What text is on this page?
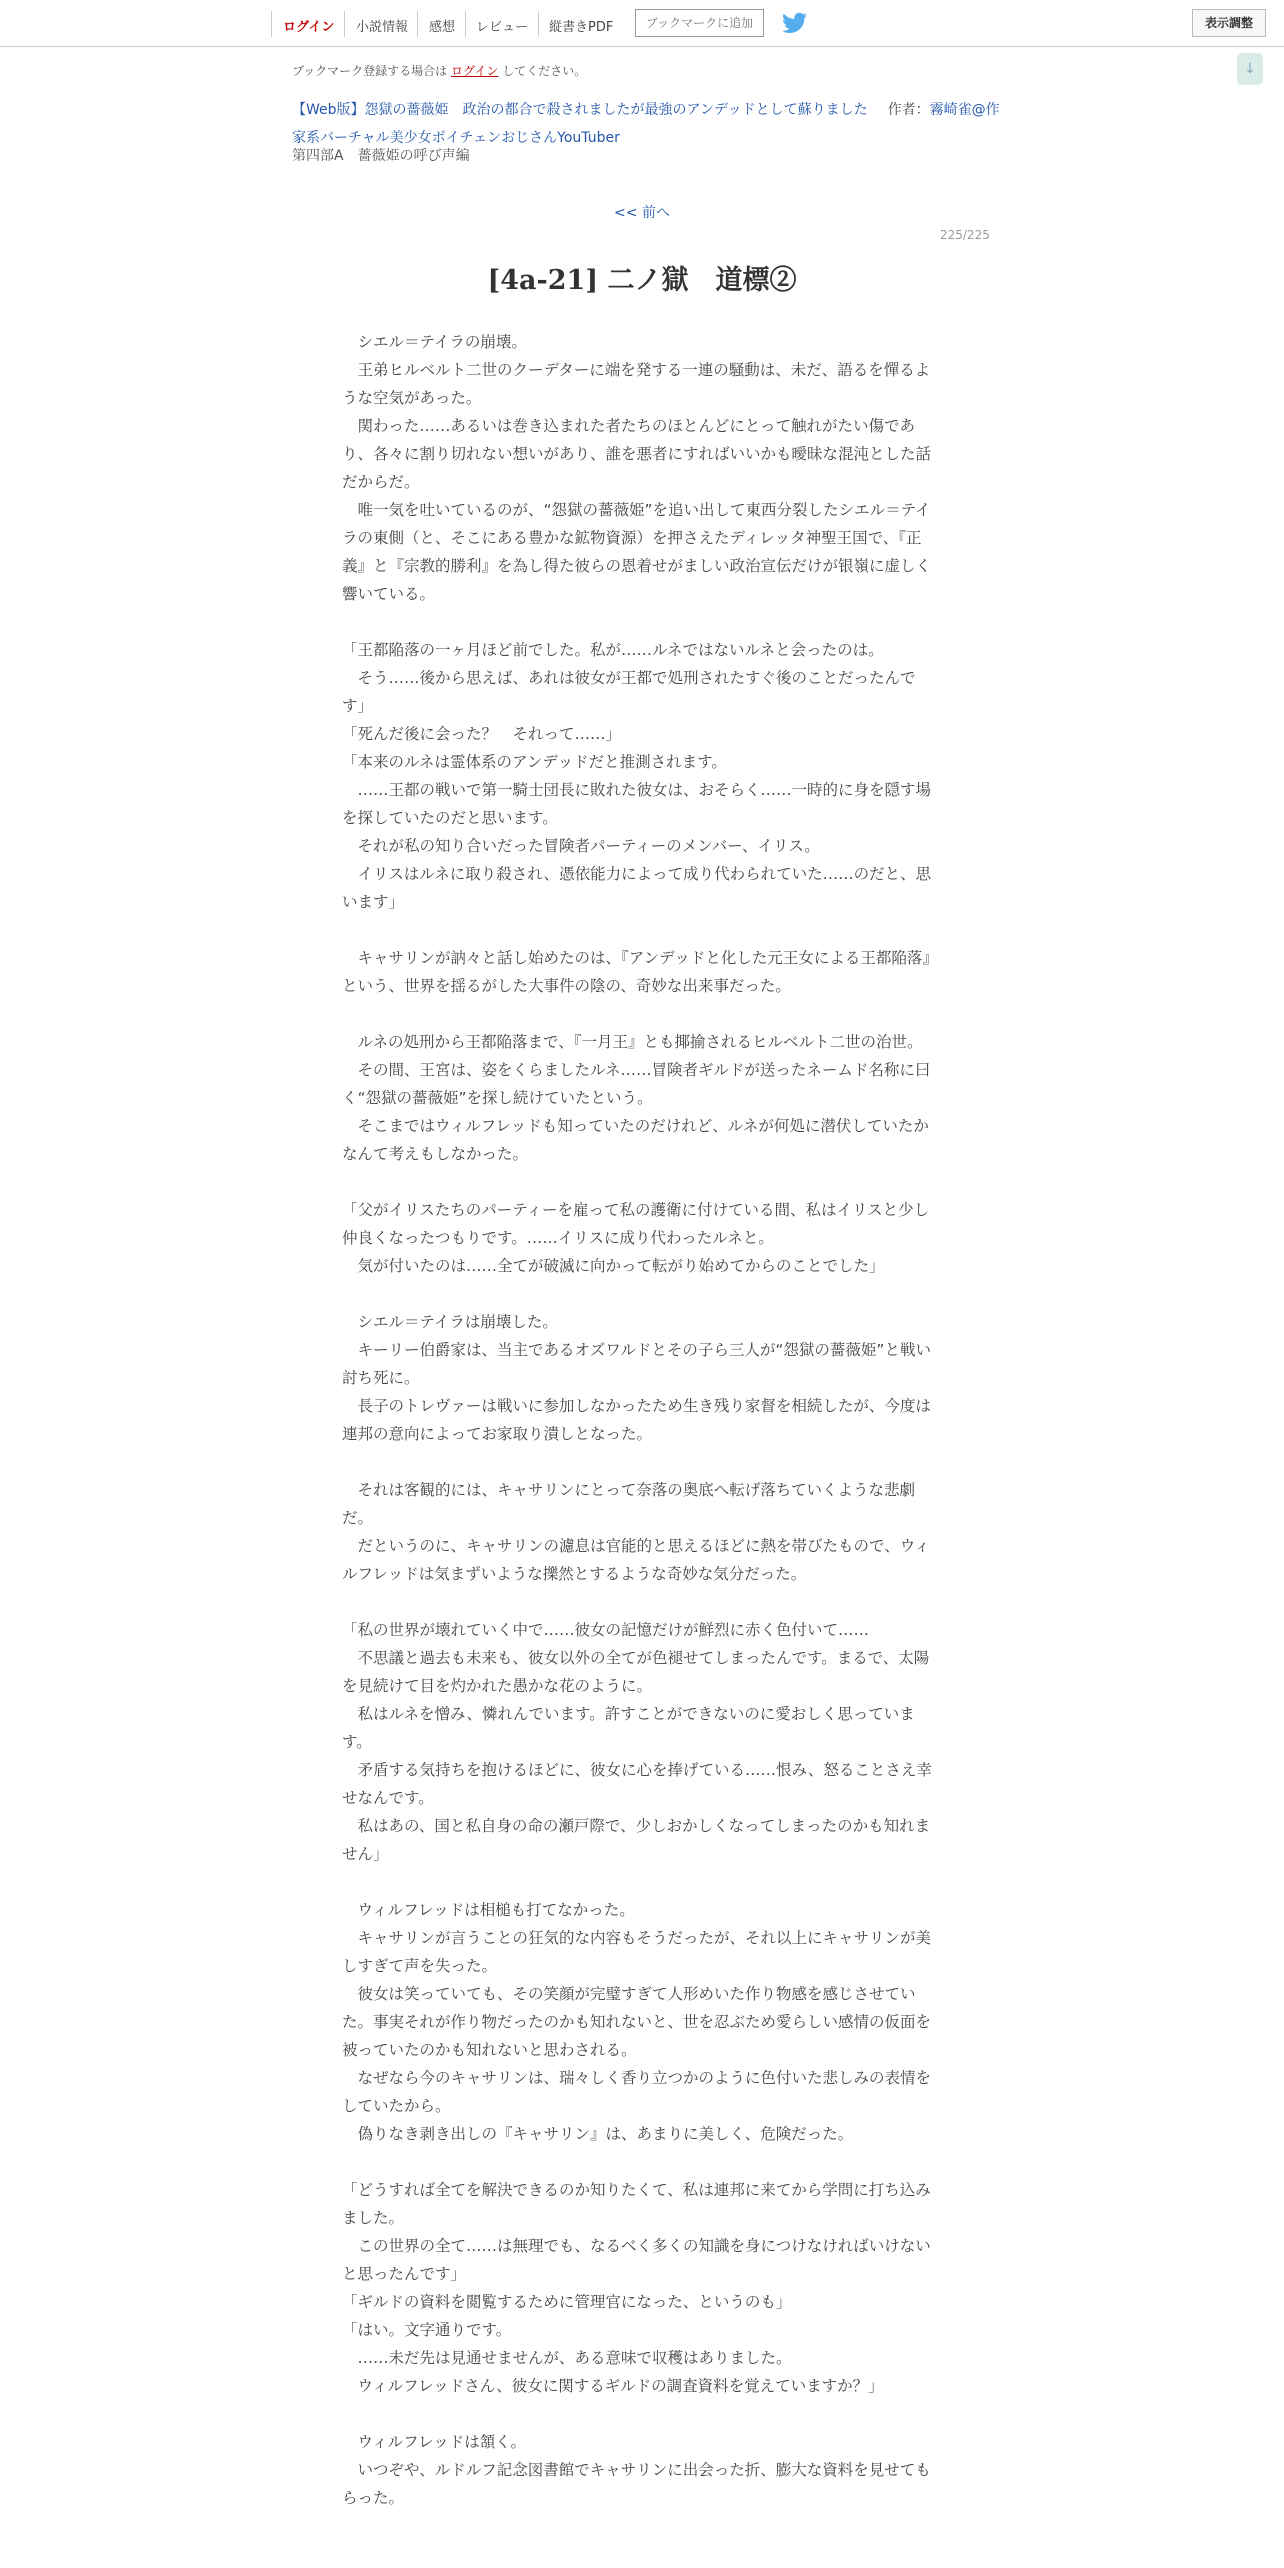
ログイン 小説情報 感想 レビュー 縦書きPDF	ブックマークに追加	表示調整
↓
ブックマーク登録する場合は ログイン してください。
【Web版】怨獄の薔薇姫　政治の都合で殺されましたが最強のアンデッドとして蘇りました 作者：霧崎雀@作家系バーチャル美少女ボイチェンおじさんYouTuber
第四部A　薔薇姫の呼び声編
<< 前へ
225/225
[4a-21] 二ノ獄　道標②

　シエル＝テイラの崩壊。

　王弟ヒルベルト二世のクーデターに端を発する一連の騒動は、未だ、語るを憚るような空気があった。

　関わった……あるいは巻き込まれた者たちのほとんどにとって触れがたい傷であり、各々に割り切れない想いがあり、誰を悪者にすればいいかも曖昧な混沌とした話だからだ。

　唯一気を吐いているのが、“怨獄の薔薇姫”を追い出して東西分裂したシエル＝テイラの東側（と、そこにある豊かな鉱物資源）を押さえたディレッタ神聖王国で、『正義』と『宗教的勝利』を為し得た彼らの恩着せがましい政治宣伝だけが银嶺に虚しく響いている。

「王都陥落の一ヶ月ほど前でした。私が……ルネではないルネと会ったのは。

　そう……後から思えば、あれは彼女が王都で処刑されたすぐ後のことだったんです」

「死んだ後に会った？　それって……」

「本来のルネは霊体系のアンデッドだと推測されます。

　……王都の戦いで第一騎士団長に敗れた彼女は、おそらく……一時的に身を隠す場を探していたのだと思います。

　それが私の知り合いだった冒険者パーティーのメンバー、イリス。

　イリスはルネに取り殺され、憑依能力によって成り代わられていた……のだと、思います」

　キャサリンが訥々と話し始めたのは、『アンデッドと化した元王女による王都陥落』という、世界を揺るがした大事件の陰の、奇妙な出来事だった。

　ルネの処刑から王都陥落まで、『一月王』とも揶揄されるヒルベルト二世の治世。

　その間、王宮は、姿をくらましたルネ……冒険者ギルドが送ったネームド名称に曰く“怨獄の薔薇姫”を探し続けていたという。

　そこまではウィルフレッドも知っていたのだけれど、ルネが何処に潜伏していたかなんて考えもしなかった。

「父がイリスたちのパーティーを雇って私の護衛に付けている間、私はイリスと少し仲良くなったつもりです。……イリスに成り代わったルネと。

　気が付いたのは……全てが破滅に向かって転がり始めてからのことでした」

　シエル＝テイラは崩壊した。

　キーリー伯爵家は、当主であるオズワルドとその子ら三人が“怨獄の薔薇姫”と戦い討ち死に。

　長子のトレヴァーは戦いに参加しなかったため生き残り家督を相続したが、今度は連邦の意向によってお家取り潰しとなった。

　それは客観的には、キャサリンにとって奈落の奥底へ転げ落ちていくような悲劇だ。

　だというのに、キャサリンの濾息は官能的と思えるほどに熱を帯びたもので、ウィルフレッドは気まずいような擽然とするような奇妙な気分だった。

「私の世界が壊れていく中で……彼女の記憶だけが鮮烈に赤く色付いて……

　不思議と過去も未来も、彼女以外の全てが色褪せてしまったんです。まるで、太陽を見続けて目を灼かれた愚かな花のように。

　私はルネを憎み、憐れんでいます。許すことができないのに愛おしく思っています。

　矛盾する気持ちを抱けるほどに、彼女に心を捧げている……恨み、怒ることさえ幸せなんです。

　私はあの、国と私自身の命の瀬戸際で、少しおかしくなってしまったのかも知れません」

　ウィルフレッドは相槌も打てなかった。

　キャサリンが言うことの狂気的な内容もそうだったが、それ以上にキャサリンが美しすぎて声を失った。

　彼女は笑っていても、その笑顔が完璧すぎて人形めいた作り物感を感じさせていた。事実それが作り物だったのかも知れないと、世を忍ぶため愛らしい感情の仮面を被っていたのかも知れないと思わされる。

　なぜなら今のキャサリンは、瑞々しく香り立つかのように色付いた悲しみの表情をしていたから。

　偽りなき剥き出しの『キャサリン』は、あまりに美しく、危険だった。

「どうすれば全てを解決できるのか知りたくて、私は連邦に来てから学問に打ち込みました。

　この世界の全て……は無理でも、なるべく多くの知識を身につけなければいけないと思ったんです」

「ギルドの資料を閲覧するために管理官になった、というのも」

「はい。文字通りです。

　……未だ先は見通せませんが、ある意味で収穫はありました。

　ウィルフレッドさん、彼女に関するギルドの調査資料を覚えていますか？」

　ウィルフレッドは頷く。

　いつぞや、ルドルフ記念図書館でキャサリンに出会った折、膨大な資料を見せてもらった。
